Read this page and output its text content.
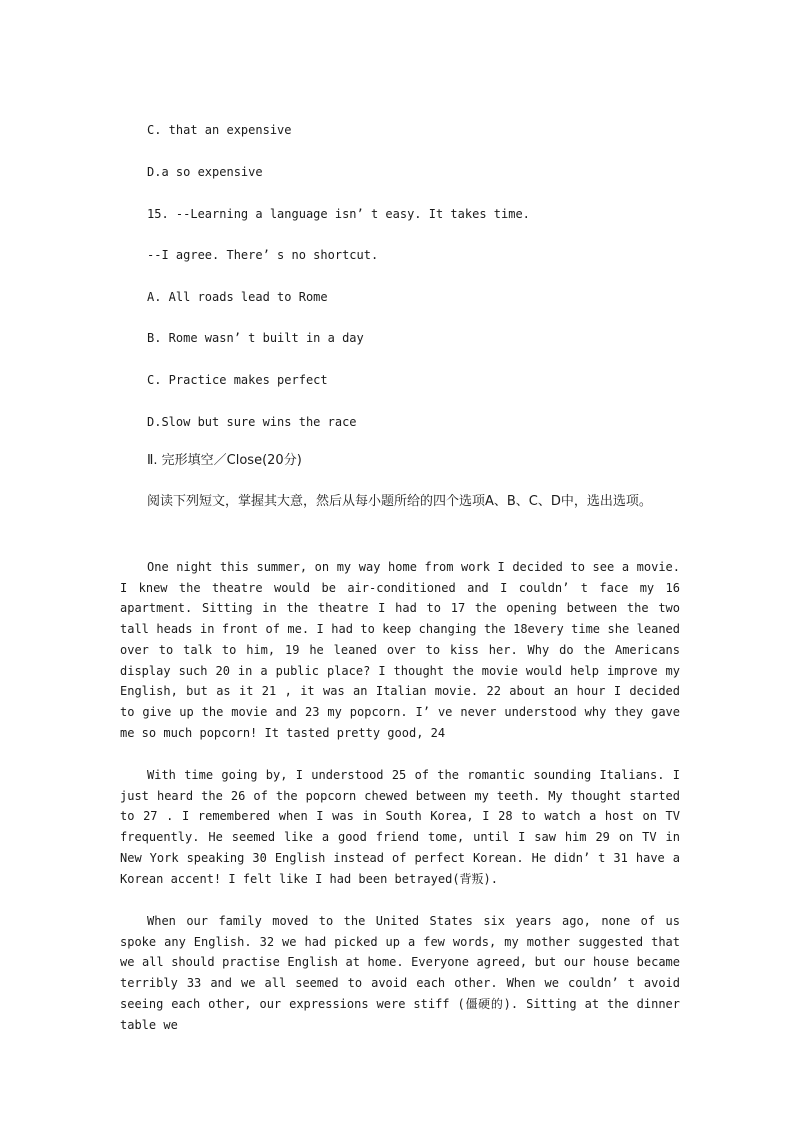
C. that an expensive
D.a so expensive
15. --Learning a language isn’ t easy. It takes time.
--I agree. There’ s no shortcut.
A. All roads lead to Rome
B. Rome wasn’ t built in a day
C. Practice makes perfect
D.Slow but sure wins the race
Ⅱ. 完形填空／Close(20分)
阅读下列短文，掌握其大意，然后从每小题所给的四个选项A、B、C、D中，选出选项。

One night this summer, on my way home from work I decided to see a movie. I knew the theatre would be air-conditioned and I couldn’ t face my 16 apartment. Sitting in the theatre I had to 17 the opening between the two tall heads in front of me. I had to keep changing the 18every time she leaned over to talk to him, 19 he leaned over to kiss her. Why do the Americans display such 20 in a public place? I thought the movie would help improve my English, but as it 21 , it was an Italian movie. 22 about an hour I decided to give up the movie and 23 my popcorn. I’ ve never understood why they gave me so much popcorn! It tasted pretty good, 24

With time going by, I understood 25 of the romantic sounding Italians. I just heard the 26 of the popcorn chewed between my teeth. My thought started to 27 . I remembered when I was in South Korea, I 28 to watch a host on TV frequently. He seemed like a good friend tome, until I saw him 29 on TV in New York speaking 30 English instead of perfect Korean. He didn’ t 31 have a Korean accent! I felt like I had been betrayed(背叛).

When our family moved to the United States six years ago, none of us spoke any English. 32 we had picked up a few words, my mother suggested that we all should practise English at home. Everyone agreed, but our house became terribly 33 and we all seemed to avoid each other. When we couldn’ t avoid seeing each other, our expressions were stiff (僵硬的). Sitting at the dinner table we
